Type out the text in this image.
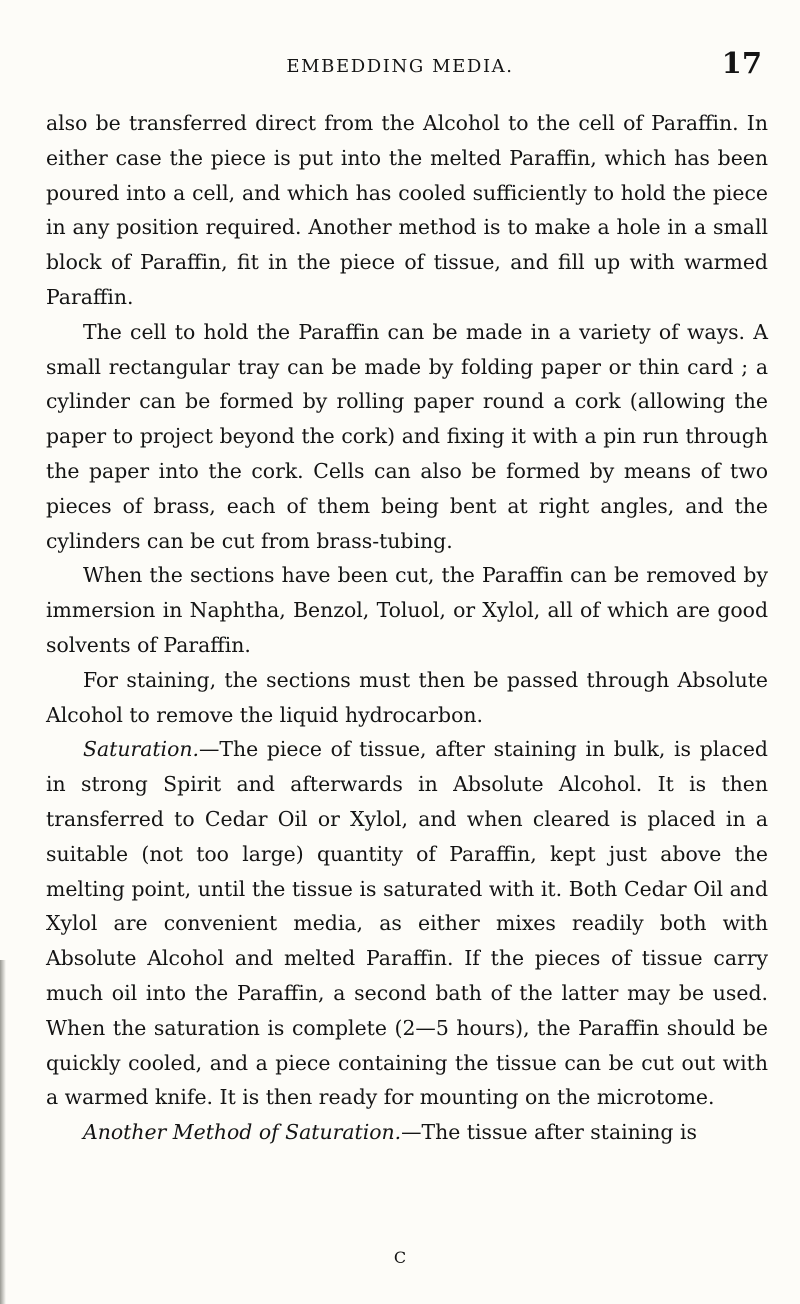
EMBEDDING MEDIA.	17

also be transferred direct from the Alcohol to the cell of Paraffin. In either case the piece is put into the melted Paraffin, which has been poured into a cell, and which has cooled sufficiently to hold the piece in any position required. Another method is to make a hole in a small block of Paraffin, fit in the piece of tissue, and fill up with warmed Paraffin.

The cell to hold the Paraffin can be made in a variety of ways. A small rectangular tray can be made by folding paper or thin card ; a cylinder can be formed by rolling paper round a cork (allowing the paper to project beyond the cork) and fixing it with a pin run through the paper into the cork. Cells can also be formed by means of two pieces of brass, each of them being bent at right angles, and the cylinders can be cut from brass-tubing.

When the sections have been cut, the Paraffin can be removed by immersion in Naphtha, Benzol, Toluol, or Xylol, all of which are good solvents of Paraffin.

For staining, the sections must then be passed through Absolute Alcohol to remove the liquid hydrocarbon.

Saturation.—The piece of tissue, after staining in bulk, is placed in strong Spirit and afterwards in Absolute Alcohol. It is then transferred to Cedar Oil or Xylol, and when cleared is placed in a suitable (not too large) quantity of Paraffin, kept just above the melting point, until the tissue is saturated with it. Both Cedar Oil and Xylol are convenient media, as either mixes readily both with Absolute Alcohol and melted Paraffin. If the pieces of tissue carry much oil into the Paraffin, a second bath of the latter may be used. When the saturation is complete (2—5 hours), the Paraffin should be quickly cooled, and a piece containing the tissue can be cut out with a warmed knife. It is then ready for mounting on the microtome.

Another Method of Saturation.—The tissue after staining is

C
